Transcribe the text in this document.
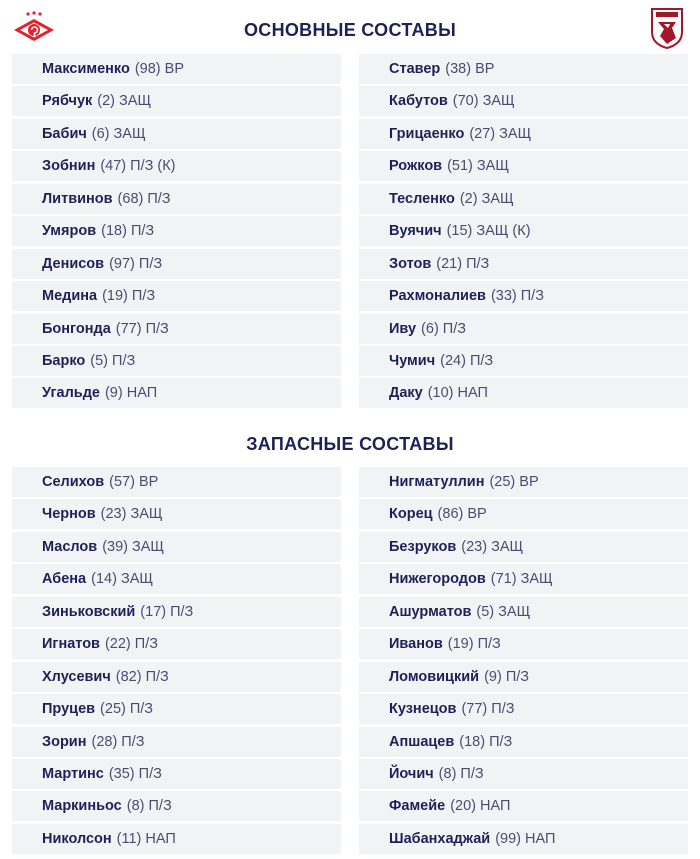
ОСНОВНЫЕ СОСТАВЫ
Максименко (98) ВР
Рябчук (2) ЗАЩ
Бабич (6) ЗАЩ
Зобнин (47) П/З (К)
Литвинов (68) П/З
Умяров (18) П/З
Денисов (97) П/З
Медина (19) П/З
Бонгонда (77) П/З
Барко (5) П/З
Угальде (9) НАП
Ставер (38) ВР
Кабутов (70) ЗАЩ
Грицаенко (27) ЗАЩ
Рожков (51) ЗАЩ
Тесленко (2) ЗАЩ
Вуячич (15) ЗАЩ (К)
Зотов (21) П/З
Рахмоналиев (33) П/З
Иву (6) П/З
Чумич (24) П/З
Даку (10) НАП
ЗАПАСНЫЕ СОСТАВЫ
Селихов (57) ВР
Чернов (23) ЗАЩ
Маслов (39) ЗАЩ
Абена (14) ЗАЩ
Зиньковский (17) П/З
Игнатов (22) П/З
Хлусевич (82) П/З
Пруцев (25) П/З
Зорин (28) П/З
Мартинс (35) П/З
Маркиньос (8) П/З
Николсон (11) НАП
Нигматуллин (25) ВР
Корец (86) ВР
Безруков (23) ЗАЩ
Нижегородов (71) ЗАЩ
Ашурматов (5) ЗАЩ
Иванов (19) П/З
Ломовицкий (9) П/З
Кузнецов (77) П/З
Апшацев (18) П/З
Йочич (8) П/З
Фамейе (20) НАП
Шабанхаджай (99) НАП
